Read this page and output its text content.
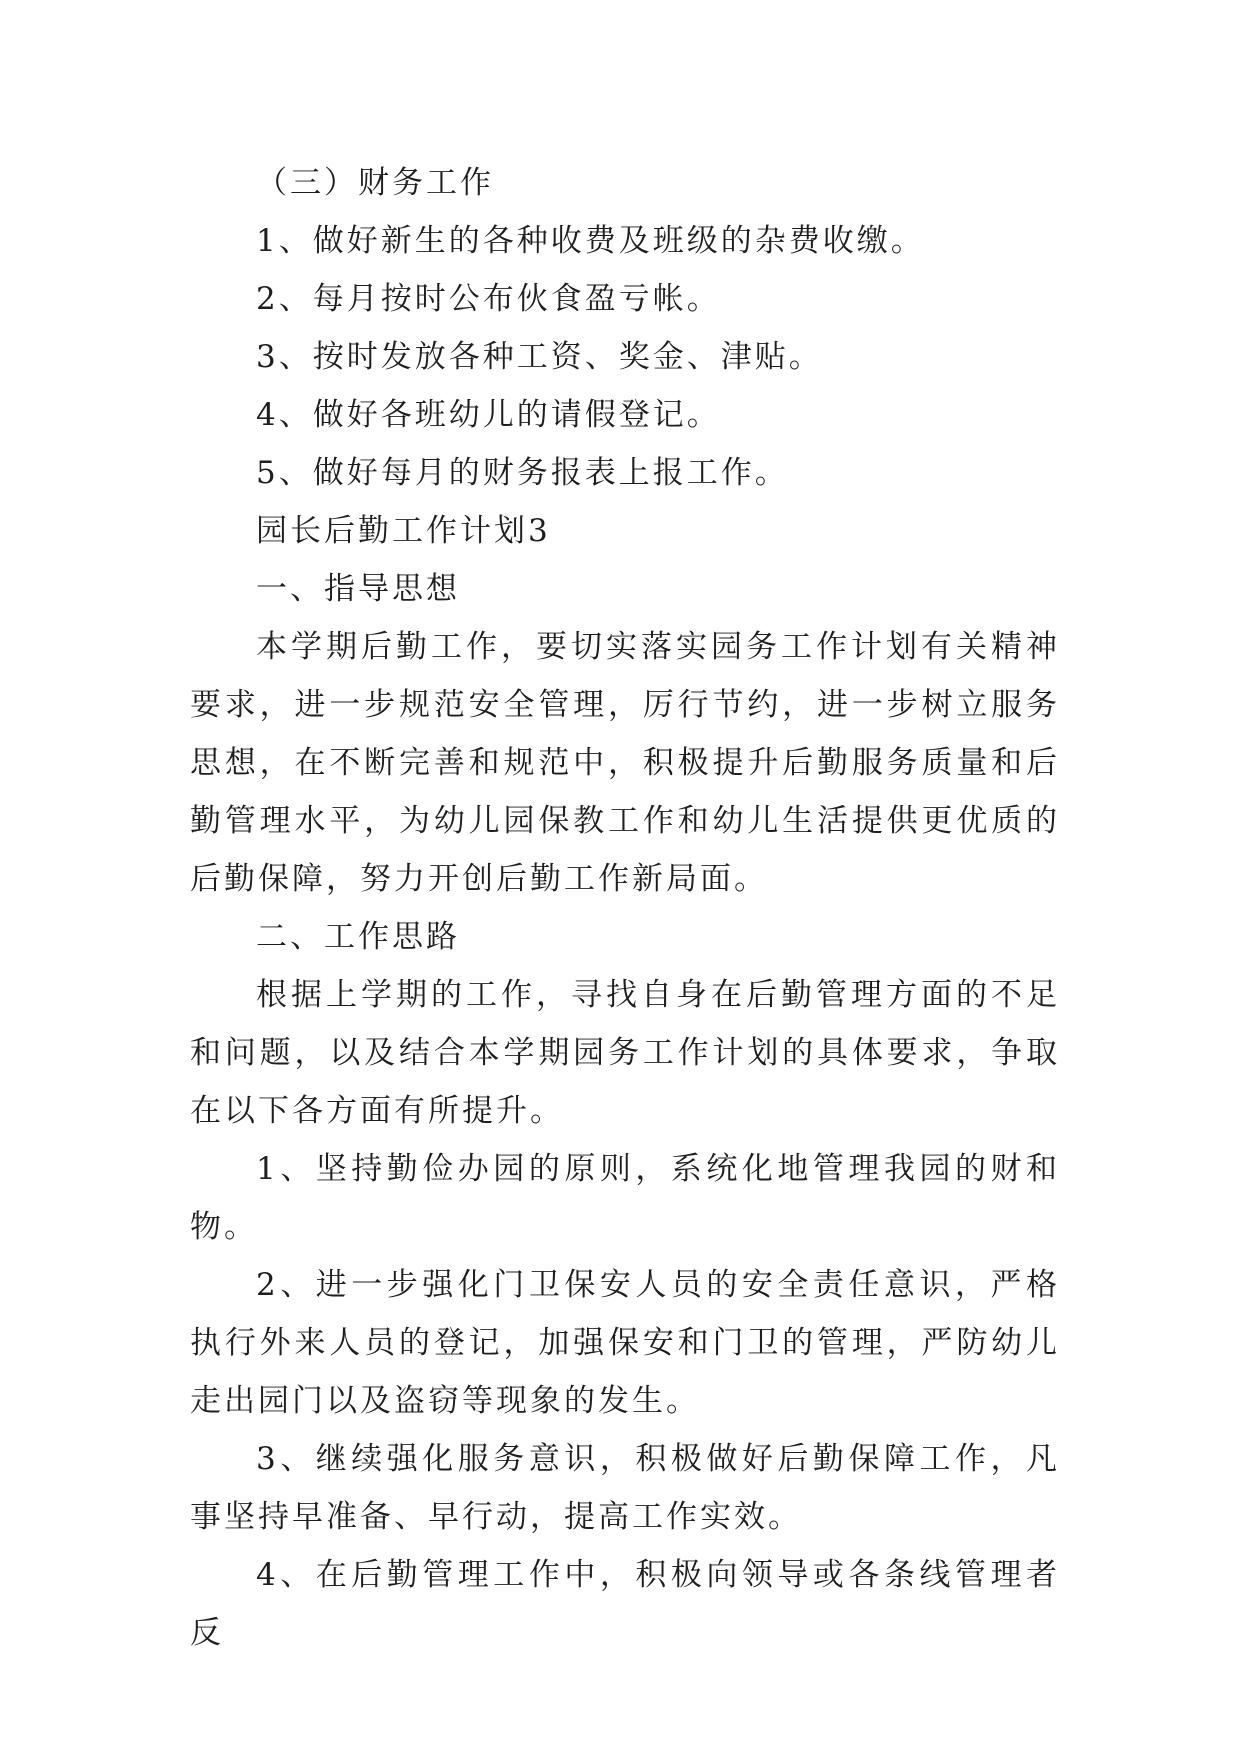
（三）财务工作

1、做好新生的各种收费及班级的杂费收缴。

2、每月按时公布伙食盈亏帐。

3、按时发放各种工资、奖金、津贴。

4、做好各班幼儿的请假登记。

5、做好每月的财务报表上报工作。

园长后勤工作计划3

一、指导思想

本学期后勤工作，要切实落实园务工作计划有关精神要求，进一步规范安全管理，厉行节约，进一步树立服务思想，在不断完善和规范中，积极提升后勤服务质量和后勤管理水平，为幼儿园保教工作和幼儿生活提供更优质的后勤保障，努力开创后勤工作新局面。

二、工作思路

根据上学期的工作，寻找自身在后勤管理方面的不足和问题，以及结合本学期园务工作计划的具体要求，争取在以下各方面有所提升。

1、坚持勤俭办园的原则，系统化地管理我园的财和物。

2、进一步强化门卫保安人员的安全责任意识，严格执行外来人员的登记，加强保安和门卫的管理，严防幼儿走出园门以及盗窃等现象的发生。

3、继续强化服务意识，积极做好后勤保障工作，凡事坚持早准备、早行动，提高工作实效。

4、在后勤管理工作中，积极向领导或各条线管理者反
